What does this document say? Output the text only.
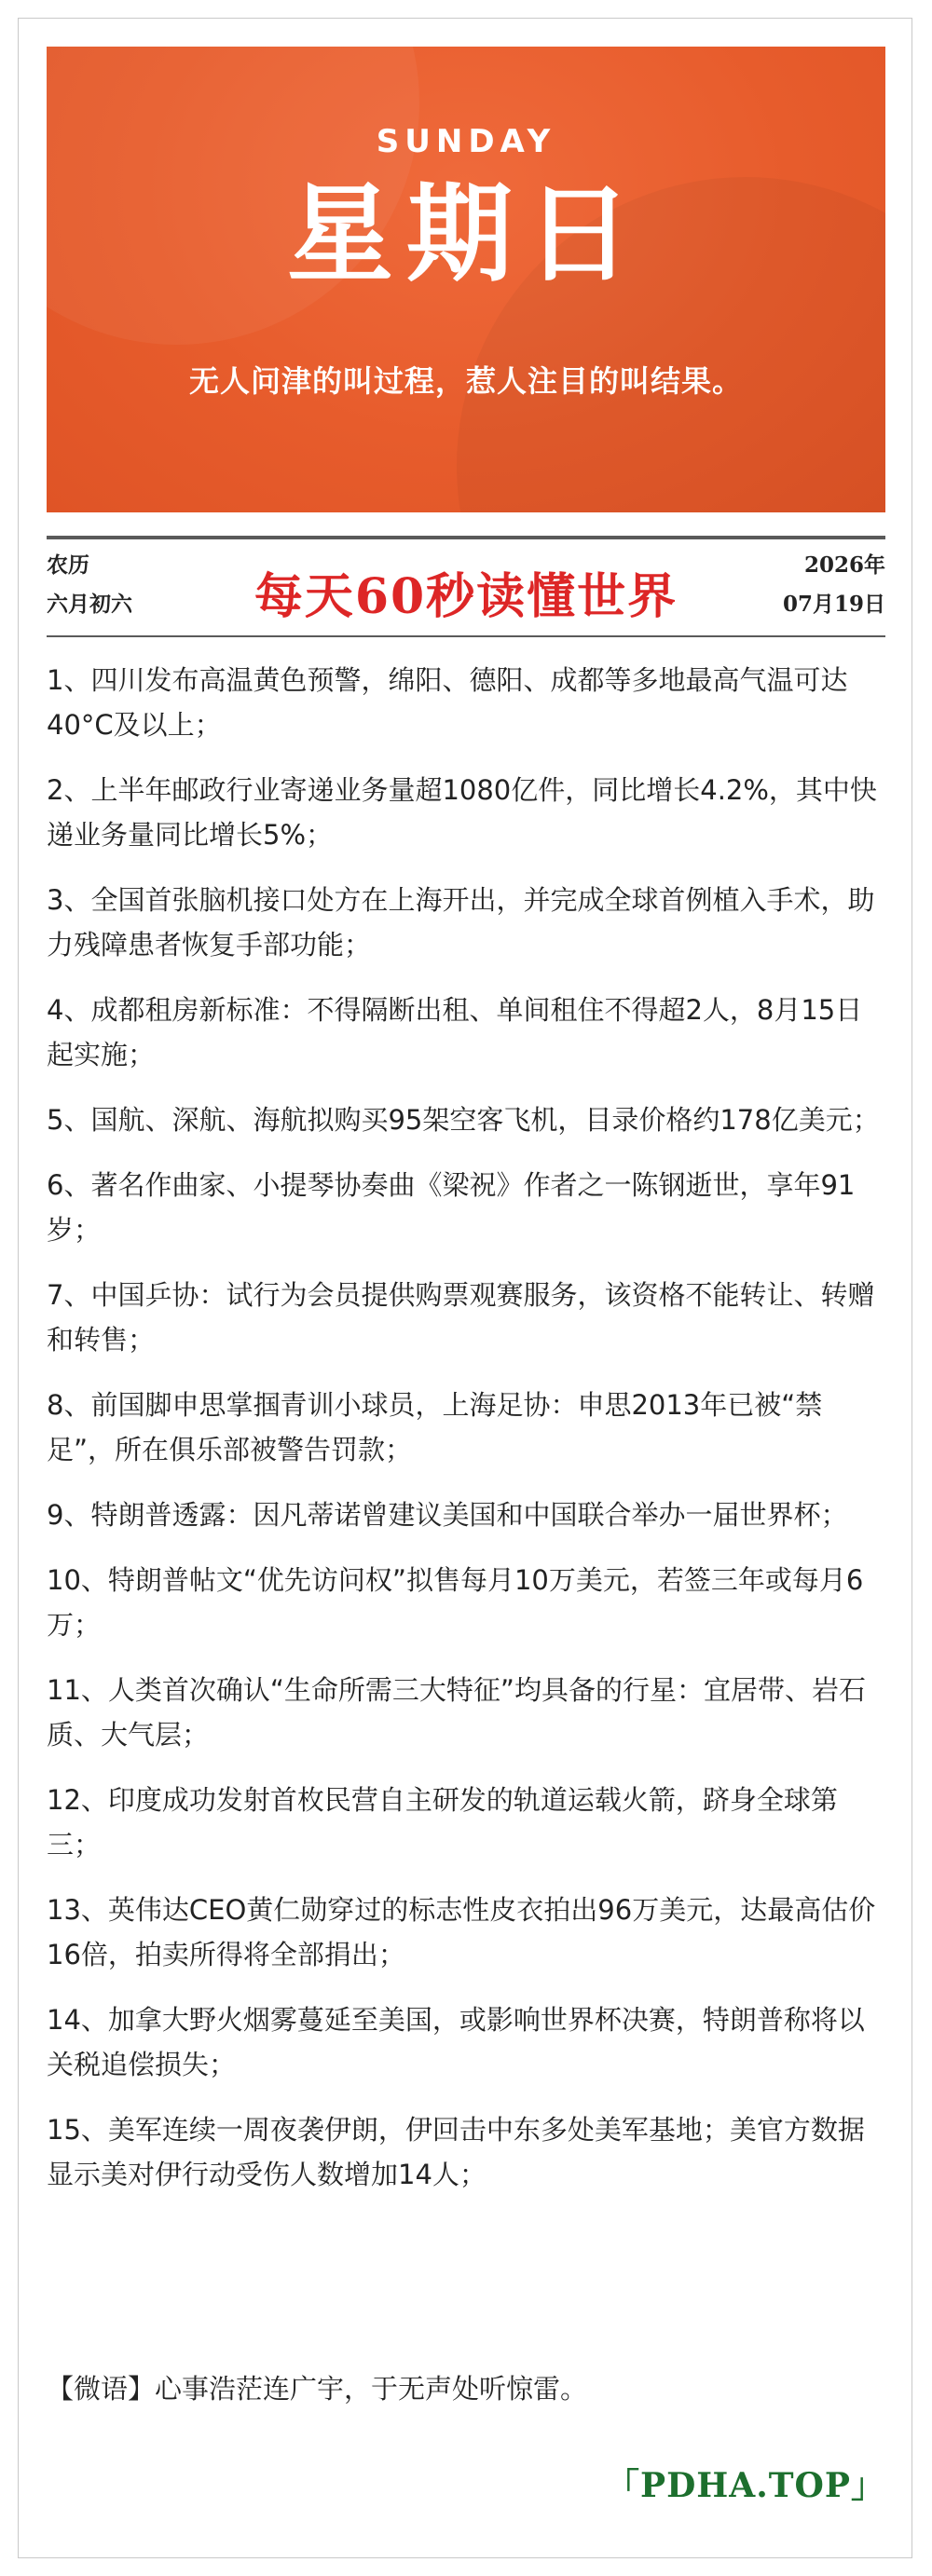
SUNDAY
星期日
无人问津的叫过程，惹人注目的叫结果。
农历
六月初六	每天60秒读懂世界
2026年
07月19日
1、四川发布高温黄色预警，绵阳、德阳、成都等多地最高气温可达40°C及以上；
2、上半年邮政行业寄递业务量超1080亿件，同比增长4.2%，其中快递业务量同比增长5%；
3、全国首张脑机接口处方在上海开出，并完成全球首例植入手术，助力残障患者恢复手部功能；
4、成都租房新标准：不得隔断出租、单间租住不得超2人，8月15日起实施；
5、国航、深航、海航拟购买95架空客飞机，目录价格约178亿美元；
6、著名作曲家、小提琴协奏曲《梁祝》作者之一陈钢逝世，享年91岁；
7、中国乒协：试行为会员提供购票观赛服务，该资格不能转让、转赠和转售；
8、前国脚申思掌掴青训小球员，上海足协：申思2013年已被“禁足”，所在俱乐部被警告罚款；
9、特朗普透露：因凡蒂诺曾建议美国和中国联合举办一届世界杯；
10、特朗普帖文“优先访问权”拟售每月10万美元，若签三年或每月6万；
11、人类首次确认“生命所需三大特征”均具备的行星：宜居带、岩石质、大气层；
12、印度成功发射首枚民营自主研发的轨道运载火箭，跻身全球第三；
13、英伟达CEO黄仁勋穿过的标志性皮衣拍出96万美元，达最高估价16倍，拍卖所得将全部捐出；
14、加拿大野火烟雾蔓延至美国，或影响世界杯决赛，特朗普称将以关税追偿损失；
15、美军连续一周夜袭伊朗，伊回击中东多处美军基地；美官方数据显示美对伊行动受伤人数增加14人；
【微语】心事浩茫连广宇，于无声处听惊雷。
「PDHA.TOP」
